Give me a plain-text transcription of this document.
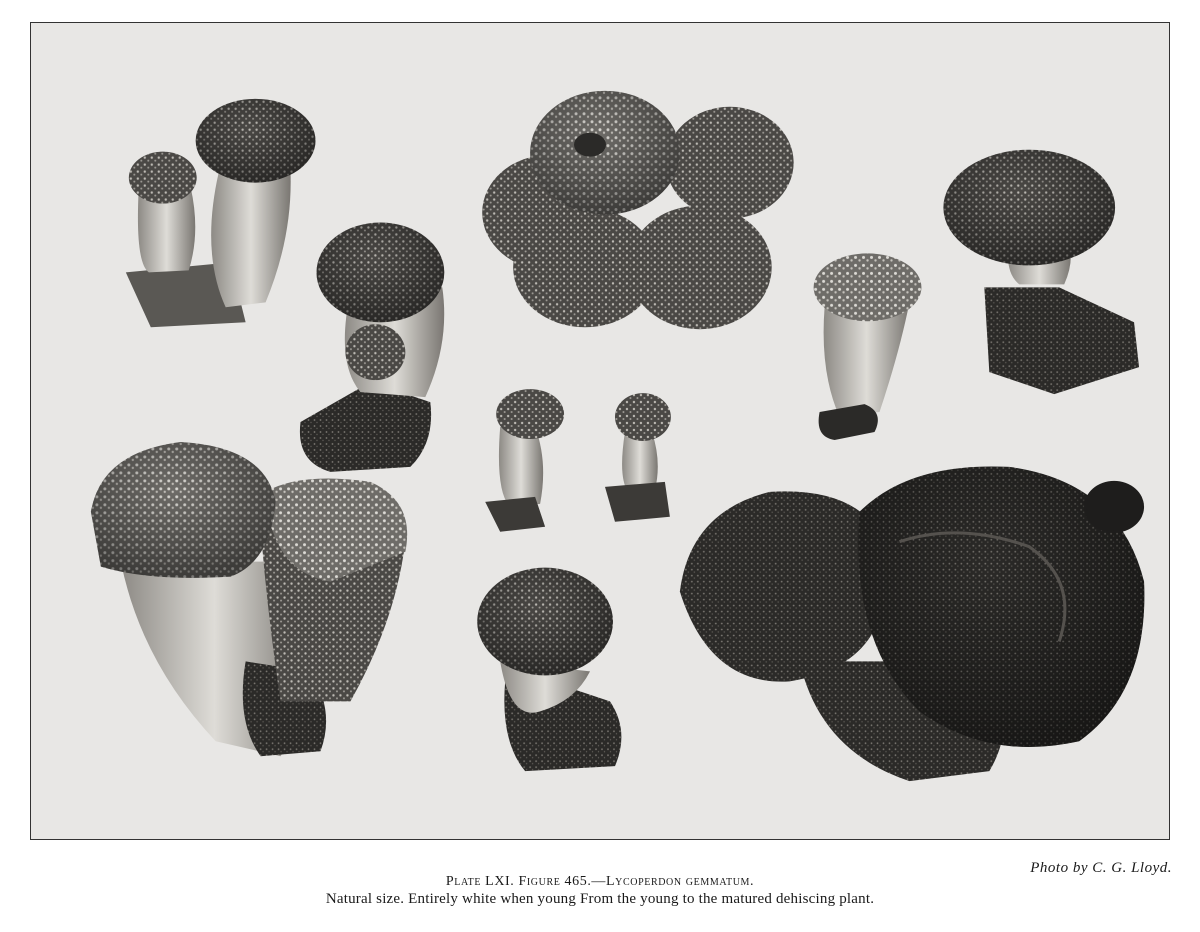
Photo by C. G. Lloyd.
Plate LXI. Figure 465.—Lycoperdon gemmatum.
Natural size. Entirely white when young From the young to the matured dehiscing plant.
